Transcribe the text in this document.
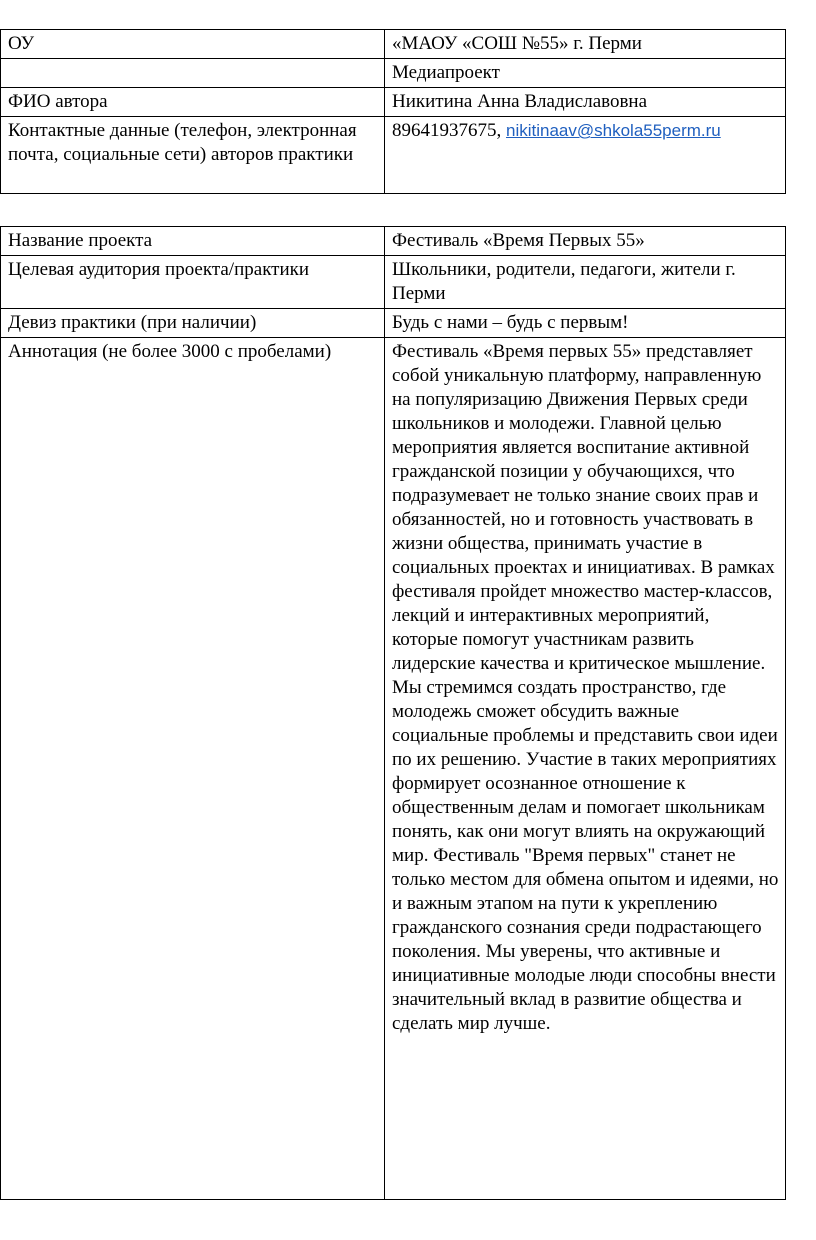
ОУ	«МАОУ «СОШ №55» г. Перми
	Медиапроект
ФИО автора	Никитина Анна Владиславовна
Контактные данные (телефон, электронная почта, социальные сети) авторов практики	89641937675, nikitinaav@shkola55perm.ru
Название проекта	Фестиваль «Время Первых 55»
Целевая аудитория проекта/практики	Школьники, родители, педагоги, жители г. Перми
Девиз практики (при наличии)	Будь с нами – будь с первым!
Аннотация (не более 3000 с пробелами)	Фестиваль «Время первых 55» представляет собой уникальную платформу, направленную на популяризацию Движения Первых среди школьников и молодежи. Главной целью мероприятия является воспитание активной гражданской позиции у обучающихся, что подразумевает не только знание своих прав и обязанностей, но и готовность участвовать в жизни общества, принимать участие в социальных проектах и инициативах. В рамках фестиваля пройдет множество мастер-классов, лекций и интерактивных мероприятий, которые помогут участникам развить лидерские качества и критическое мышление. Мы стремимся создать пространство, где молодежь сможет обсудить важные социальные проблемы и представить свои идеи по их решению. Участие в таких мероприятиях формирует осознанное отношение к общественным делам и помогает школьникам понять, как они могут влиять на окружающий мир. Фестиваль "Время первых" станет не только местом для обмена опытом и идеями, но и важным этапом на пути к укреплению гражданского сознания среди подрастающего поколения. Мы уверены, что активные и инициативные молодые люди способны внести значительный вклад в развитие общества и сделать мир лучше.
